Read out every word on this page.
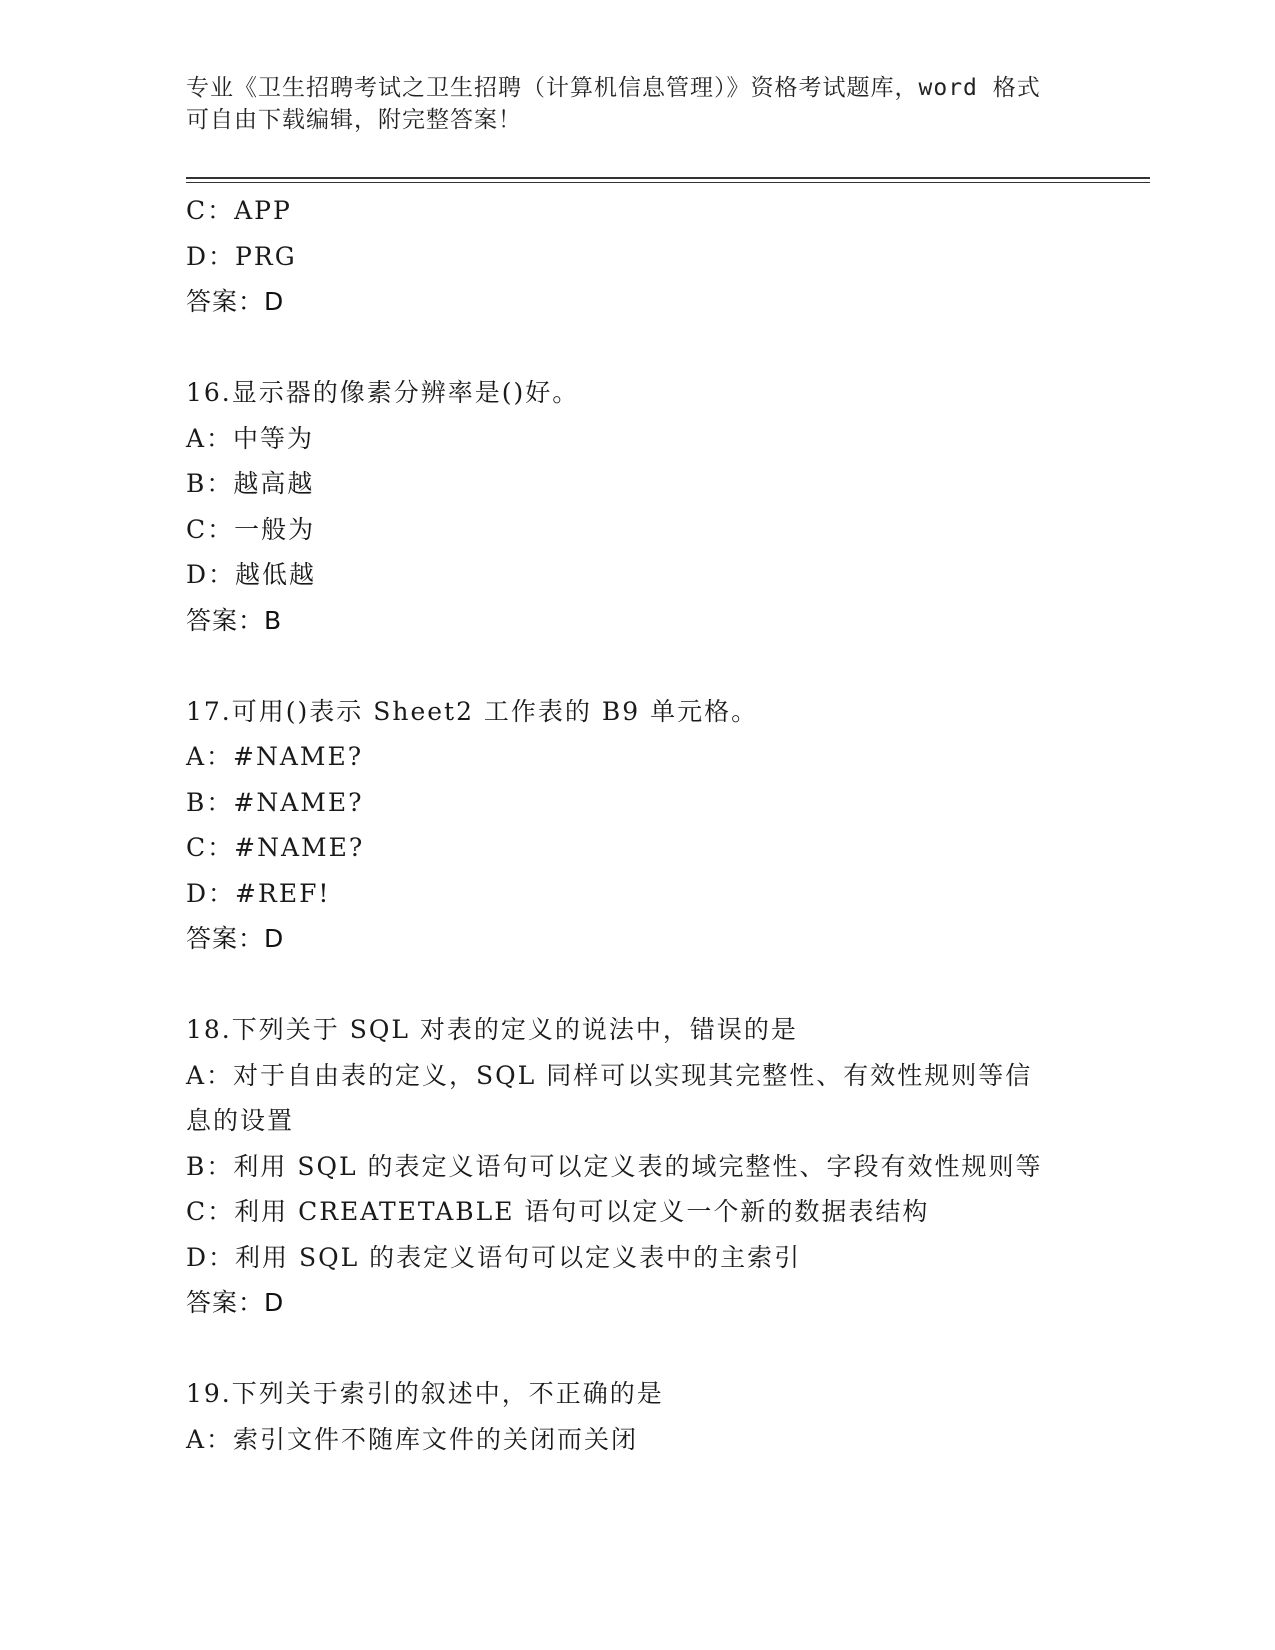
专业《卫生招聘考试之卫生招聘（计算机信息管理）》资格考试题库，word 格式
可自由下载编辑，附完整答案！
C：APP
D：PRG
答案：D
16.显示器的像素分辨率是()好。
A：中等为
B：越高越
C：一般为
D：越低越
答案：B
17.可用()表示 Sheet2 工作表的 B9 单元格。
A：#NAME?
B：#NAME?
C：#NAME?
D：#REF!
答案：D
18.下列关于 SQL 对表的定义的说法中，错误的是
A：对于自由表的定义，SQL 同样可以实现其完整性、有效性规则等信
息的设置
B：利用 SQL 的表定义语句可以定义表的域完整性、字段有效性规则等
C：利用 CREATETABLE 语句可以定义一个新的数据表结构
D：利用 SQL 的表定义语句可以定义表中的主索引
答案：D
19.下列关于索引的叙述中，不正确的是
A：索引文件不随库文件的关闭而关闭
